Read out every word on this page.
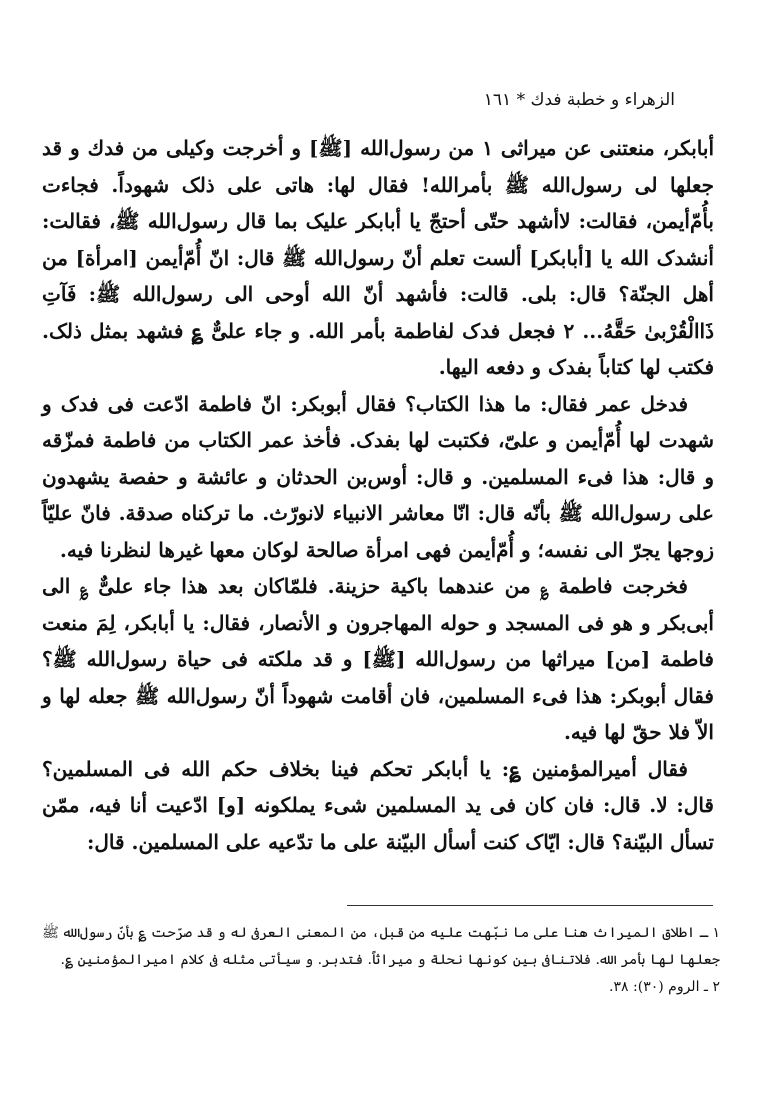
الزهراء و خطبة فدك * ١٦١

أبابكر، منعتنى عن ميراثى ١ من رسول‌الله [ﷺ] و أخرجت وكيلى من فدك و قد جعلها لى رسول‌الله ﷺ بأمرالله! فقال لها: هاتى على ذلک شهوداً. فجاءت بأُمّ‌أيمن، فقالت: لاأشهد حتّى أحتجّ يا أبابكر عليک بما قال رسول‌الله ﷺ، فقالت: أنشدک الله يا [أبابكر] ألست تعلم أنّ رسول‌الله ﷺ قال: انّ أُمّ‌أيمن [امرأة] من أهل الجنّة؟ قال: بلى. قالت: فأشهد أنّ الله أوحى الى رسول‌الله ﷺ: فَآتِ ذَاالْقُرْبىٰ حَقَّهُ... ٢ فجعل فدک لفاطمة بأمر الله. و جاء علىٌّ ؏ فشهد بمثل ذلک. فكتب لها كتاباً بفدک و دفعه اليها.

فدخل عمر فقال: ما هذا الكتاب؟ فقال أبوبكر: انّ فاطمة ادّعت فى فدک و شهدت لها أُمّ‌أيمن و علىّ، فكتبت لها بفدک. فأخذ عمر الكتاب من فاطمة فمزّقه و قال: هذا فىء المسلمين. و قال: أوس‌بن الحدثان و عائشة و حفصة يشهدون على رسول‌الله ﷺ بأنّه قال: انّا معاشر الانبياء لانورّث. ما تركناه صدقة. فانّ عليّاً زوجها يجرّ الى نفسه؛ و أُمّ‌أيمن فهى امرأة صالحة لوكان معها غيرها لنظرنا فيه.

فخرجت فاطمة ؏ من عندهما باكية حزينة. فلمّاكان بعد هذا جاء علىٌّ ؏ الى أبى‌بكر و هو فى المسجد و حوله المهاجرون و الأنصار، فقال: يا أبابكر، لِمَ منعت فاطمة [من] ميراثها من رسول‌الله [ﷺ] و قد ملكته فى حياة رسول‌الله ﷺ؟ فقال أبوبكر: هذا فىء المسلمين، فان أقامت شهوداً أنّ رسول‌الله ﷺ جعله لها و الاّ فلا حقّ لها فيه.

فقال أميرالمؤمنين ؏: يا أبابكر تحكم فينا بخلاف حكم الله فى المسلمين؟ قال: لا. قال: فان كان فى يد المسلمين شىء يملكونه [و] ادّعيت أنا فيه، ممّن تسأل البيّنة؟ قال: ايّاک كنت أسأل البيّنة على ما تدّعيه على المسلمين. قال:

١ ـ اطلاق الميراث هنا على ما نبّهت عليه من قبل، من المعنى العرفى له و قد صرّحت ؏ بأنّ رسول‌الله ﷺ جعلها لها بأمر الله. فلاتنافى بين كونها نحلة و ميراثاً. فتدبر. و سيأتى مثله فى كلام اميرالمؤمنين ؏.

٢ ـ الروم (٣٠): ٣٨.
